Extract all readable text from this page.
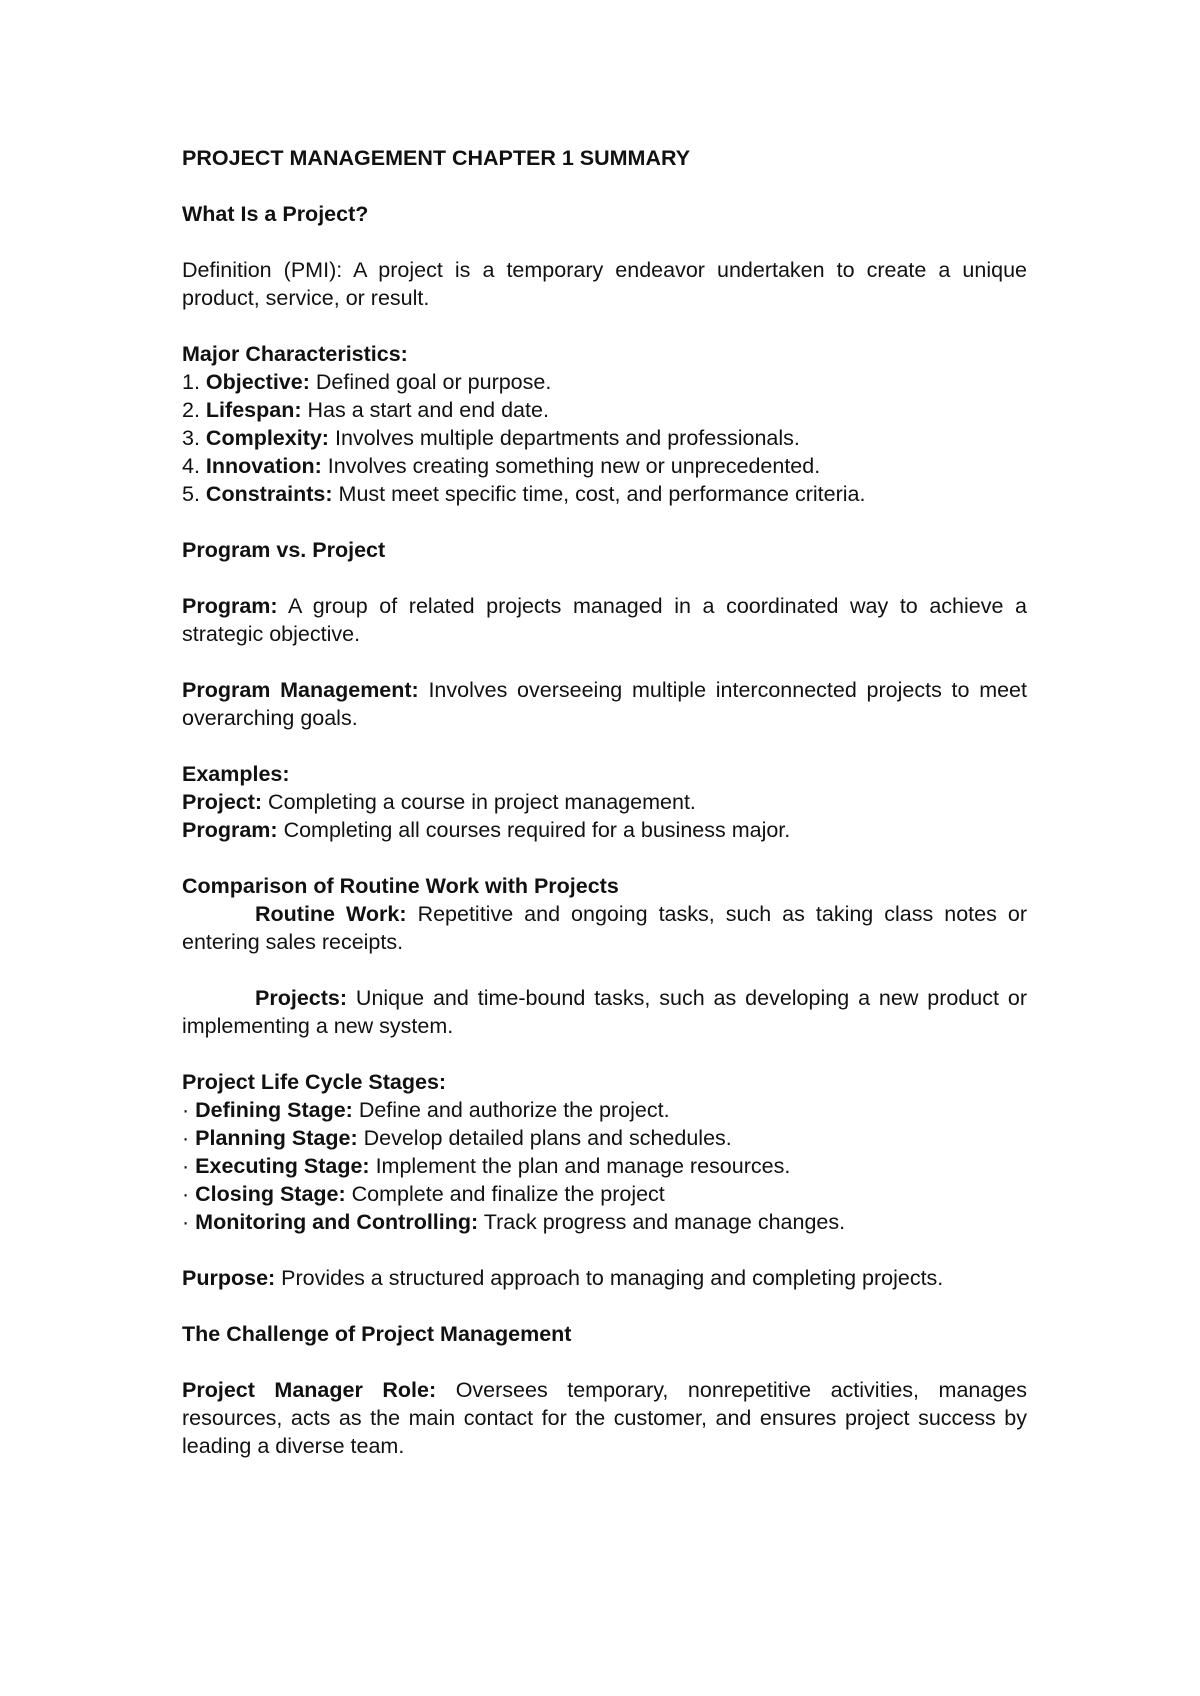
PROJECT MANAGEMENT CHAPTER 1 SUMMARY

What Is a Project?

Definition (PMI): A project is a temporary endeavor undertaken to create a unique product, service, or result.

Major Characteristics:

1. Objective: Defined goal or purpose.

2. Lifespan: Has a start and end date.

3. Complexity: Involves multiple departments and professionals.

4. Innovation: Involves creating something new or unprecedented.

5. Constraints: Must meet specific time, cost, and performance criteria.

Program vs. Project

Program: A group of related projects managed in a coordinated way to achieve a strategic objective.

Program Management: Involves overseeing multiple interconnected projects to meet overarching goals.

Examples:

Project: Completing a course in project management.

Program: Completing all courses required for a business major.

Comparison of Routine Work with Projects

Routine Work: Repetitive and ongoing tasks, such as taking class notes or entering sales receipts.

Projects: Unique and time-bound tasks, such as developing a new product or implementing a new system.

Project Life Cycle Stages:

· Defining Stage: Define and authorize the project.

· Planning Stage: Develop detailed plans and schedules.

· Executing Stage: Implement the plan and manage resources.

· Closing Stage: Complete and finalize the project

· Monitoring and Controlling: Track progress and manage changes.

Purpose: Provides a structured approach to managing and completing projects.

The Challenge of Project Management

Project Manager Role: Oversees temporary, nonrepetitive activities, manages resources, acts as the main contact for the customer, and ensures project success by leading a diverse team.
